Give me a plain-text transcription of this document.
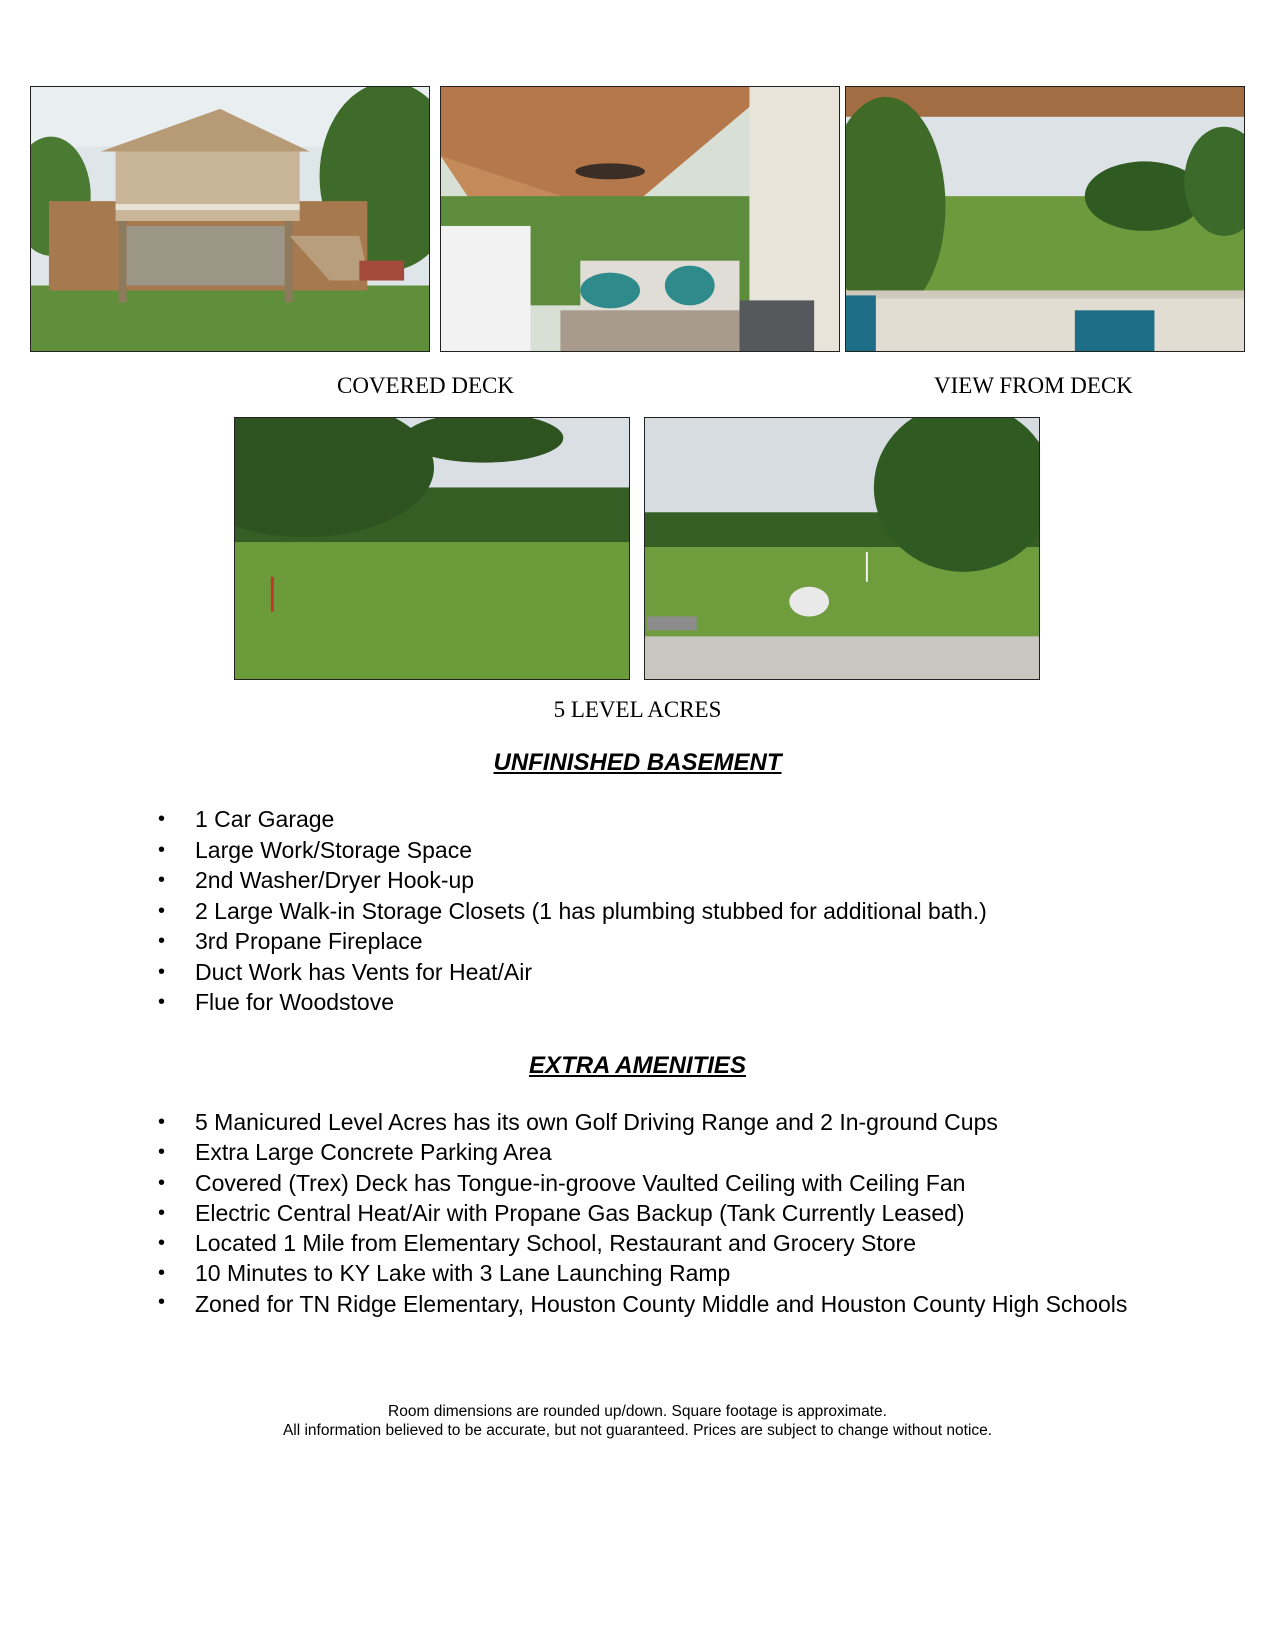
COVERED DECK	VIEW FROM DECK
5 LEVEL ACRES
UNFINISHED BASEMENT
• 1 Car Garage
• Large Work/Storage Space
• 2nd Washer/Dryer Hook-up
• 2 Large Walk-in Storage Closets (1 has plumbing stubbed for additional bath.)
• 3rd Propane Fireplace
• Duct Work has Vents for Heat/Air
• Flue for Woodstove
EXTRA AMENITIES
• 5 Manicured Level Acres has its own Golf Driving Range and 2 In-ground Cups
• Extra Large Concrete Parking Area
• Covered (Trex) Deck has Tongue-in-groove Vaulted Ceiling with Ceiling Fan
• Electric Central Heat/Air with Propane Gas Backup (Tank Currently Leased)
• Located 1 Mile from Elementary School, Restaurant and Grocery Store
• 10 Minutes to KY Lake with 3 Lane Launching Ramp
• Zoned for TN Ridge Elementary, Houston County Middle and Houston County High Schools
Room dimensions are rounded up/down. Square footage is approximate.
All information believed to be accurate, but not guaranteed. Prices are subject to change without notice.
